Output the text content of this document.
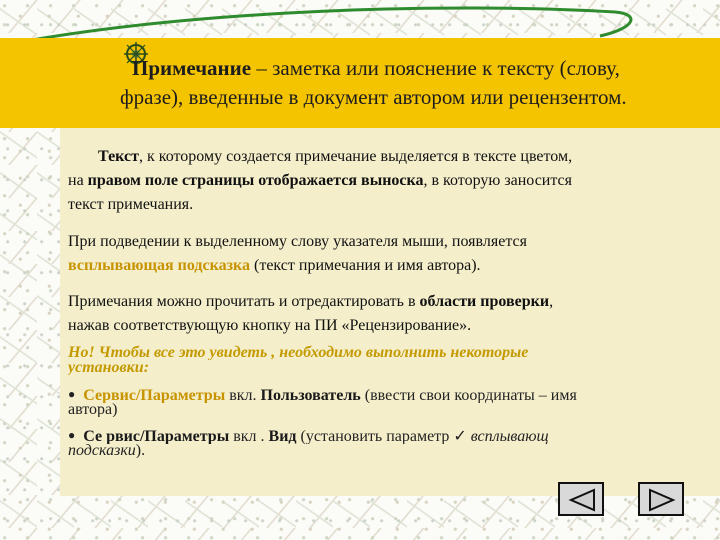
Примечание – заметка или пояснение к тексту (слову,
фразе), введенные в документ автором или рецензентом.
Текст, к которому создается примечание выделяется в тексте цветом,
на правом поле страницы отображается выноска, в которую заносится
текст примечания.
При подведении к выделенному слову указателя мыши, появляется
всплывающая подсказка (текст примечания и имя автора).
Примечания можно прочитать и отредактировать в области проверки,
нажав соответствующую кнопку на ПИ «Рецензирование».
Но! Чтобы все это увидеть , необходимо выполнить некоторые
установки:
● Сервис/Параметры вкл. Пользователь (ввести свои координаты – имя
автора)
● Се рвис/Параметры вкл . Вид (установить параметр ✓ всплывающ
подсказки).
